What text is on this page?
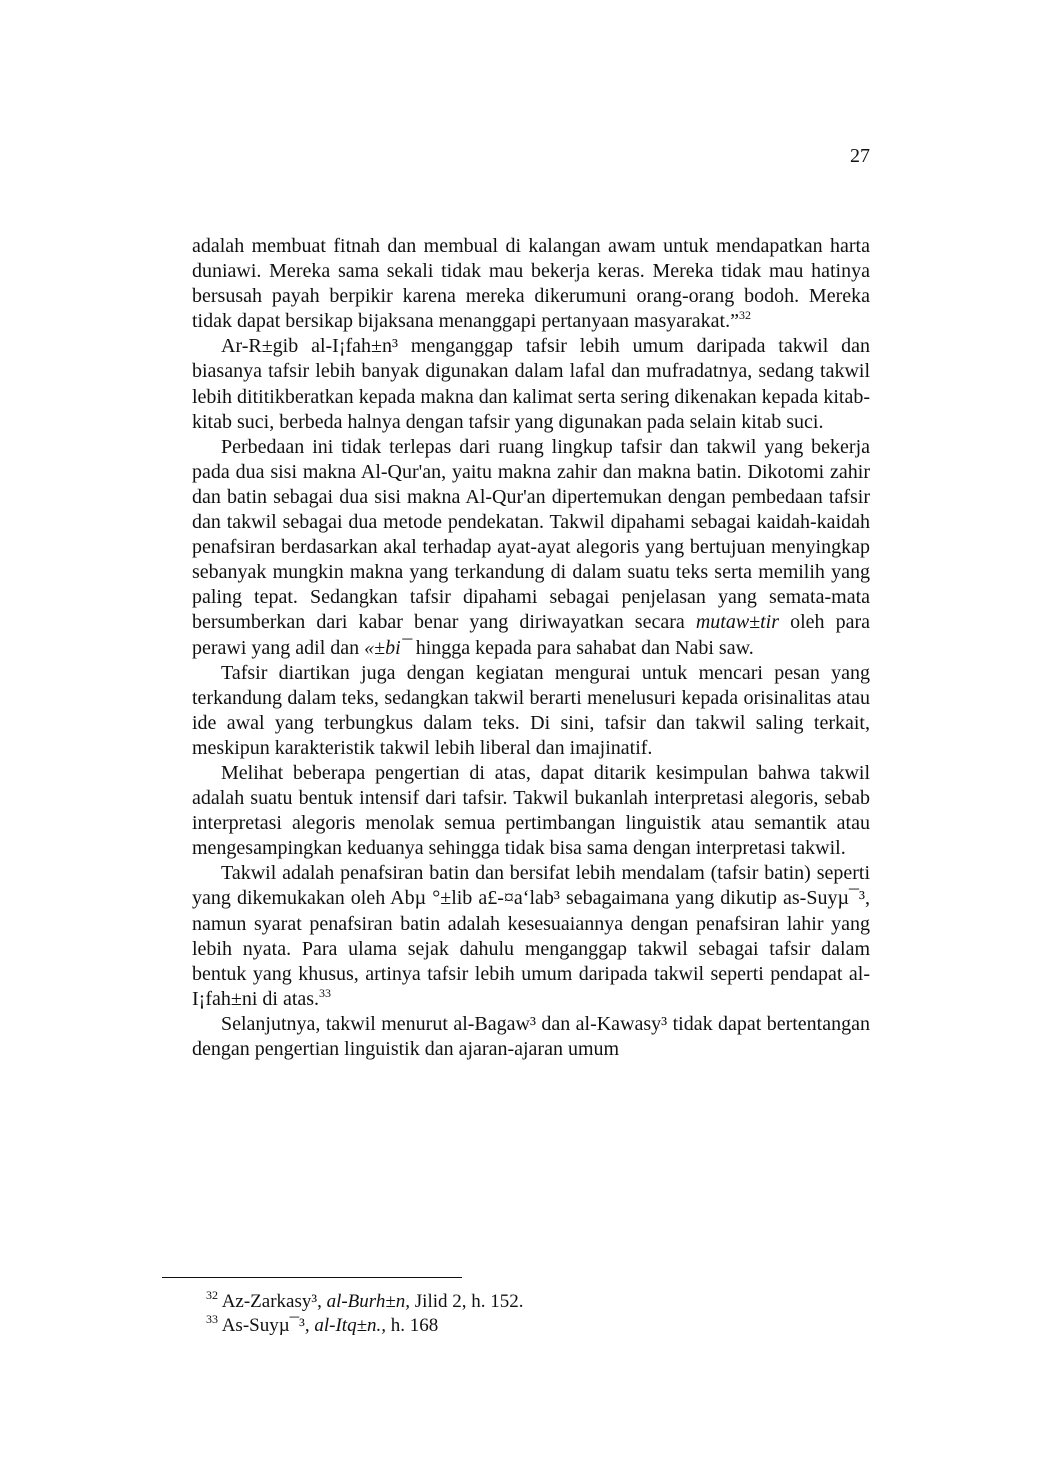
27

adalah membuat fitnah dan membual di kalangan awam untuk mendapatkan harta duniawi. Mereka sama sekali tidak mau bekerja keras. Mereka tidak mau hatinya bersusah payah berpikir karena mereka dikerumuni orang-orang bodoh. Mereka tidak dapat bersikap bijaksana menanggapi pertanyaan masyarakat.”$^{32}$

Ar-R±gib al-I¡fah±n³ menganggap tafsir lebih umum daripada takwil dan biasanya tafsir lebih banyak digunakan dalam lafal dan mufradatnya, sedang takwil lebih dititikberatkan kepada makna dan kalimat serta sering dikenakan kepada kitab-kitab suci, berbeda halnya dengan tafsir yang digunakan pada selain kitab suci.

Perbedaan ini tidak terlepas dari ruang lingkup tafsir dan takwil yang bekerja pada dua sisi makna Al-Qur'an, yaitu makna zahir dan makna batin. Dikotomi zahir dan batin sebagai dua sisi makna Al-Qur'an dipertemukan dengan pembedaan tafsir dan takwil sebagai dua metode pendekatan. Takwil dipahami sebagai kaidah-kaidah penafsiran berdasarkan akal terhadap ayat-ayat alegoris yang bertujuan menyingkap sebanyak mungkin makna yang terkandung di dalam suatu teks serta memilih yang paling tepat. Sedangkan tafsir dipahami sebagai penjelasan yang semata-mata bersumberkan dari kabar benar yang diriwayatkan secara mutaw±tir oleh para perawi yang adil dan «±bi¯ hingga kepada para sahabat dan Nabi saw.

Tafsir diartikan juga dengan kegiatan mengurai untuk mencari pesan yang terkandung dalam teks, sedangkan takwil berarti menelusuri kepada orisinalitas atau ide awal yang terbungkus dalam teks. Di sini, tafsir dan takwil saling terkait, meskipun karakteristik takwil lebih liberal dan imajinatif.

Melihat beberapa pengertian di atas, dapat ditarik kesimpulan bahwa takwil adalah suatu bentuk intensif dari tafsir. Takwil bukanlah interpretasi alegoris, sebab interpretasi alegoris menolak semua pertimbangan linguistik atau semantik atau mengesampingkan keduanya sehingga tidak bisa sama dengan interpretasi takwil.

Takwil adalah penafsiran batin dan bersifat lebih mendalam (tafsir batin) seperti yang dikemukakan oleh Abµ °±lib a£-¤a‘lab³ sebagaimana yang dikutip as-Suyµ¯³, namun syarat penafsiran batin adalah kesesuaiannya dengan penafsiran lahir yang lebih nyata. Para ulama sejak dahulu menganggap takwil sebagai tafsir dalam bentuk yang khusus, artinya tafsir lebih umum daripada takwil seperti pendapat al-I¡fah±ni di atas.$^{33}$

Selanjutnya, takwil menurut al-Bagaw³ dan al-Kawasy³ tidak dapat bertentangan dengan pengertian linguistik dan ajaran-ajaran umum

$^{32}$ Az-Zarkasy³, al-Burh±n, Jilid 2, h. 152.

$^{33}$ As-Suyµ¯³, al-Itq±n., h. 168
